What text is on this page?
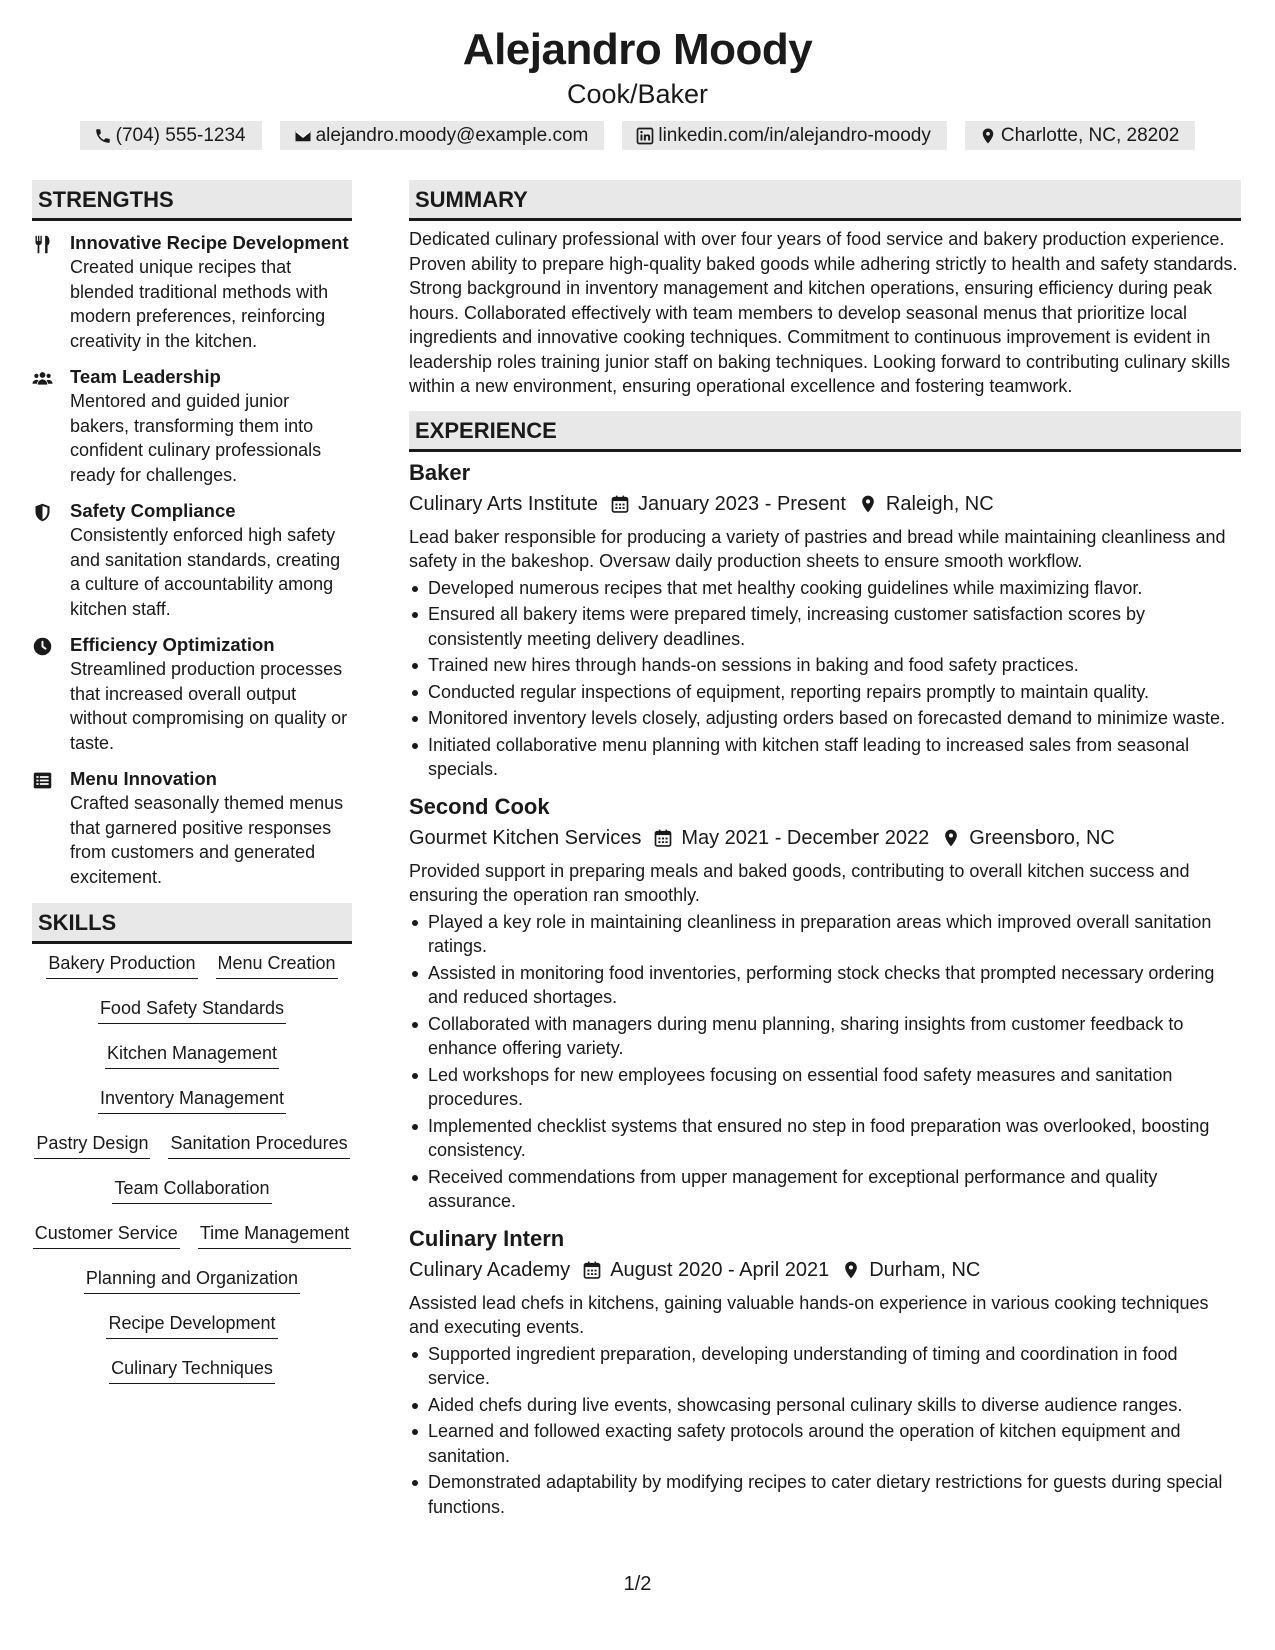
Alejandro Moody
Cook/Baker
(704) 555-1234	alejandro.moody@example.com	linkedin.com/in/alejandro-moody	Charlotte, NC, 28202
STRENGTHS
Innovative Recipe Development
Created unique recipes that blended traditional methods with modern preferences, reinforcing creativity in the kitchen.
Team Leadership
Mentored and guided junior bakers, transforming them into confident culinary professionals ready for challenges.
Safety Compliance
Consistently enforced high safety and sanitation standards, creating a culture of accountability among kitchen staff.
Efficiency Optimization
Streamlined production processes that increased overall output without compromising on quality or taste.
Menu Innovation
Crafted seasonally themed menus that garnered positive responses from customers and generated excitement.
SKILLS
Bakery Production Menu Creation
Food Safety Standards
Kitchen Management
Inventory Management
Pastry Design Sanitation Procedures
Team Collaboration
Customer Service Time Management
Planning and Organization
Recipe Development
Culinary Techniques
SUMMARY

Dedicated culinary professional with over four years of food service and bakery production experience. Proven ability to prepare high-quality baked goods while adhering strictly to health and safety standards. Strong background in inventory management and kitchen operations, ensuring efficiency during peak hours. Collaborated effectively with team members to develop seasonal menus that prioritize local ingredients and innovative cooking techniques. Commitment to continuous improvement is evident in leadership roles training junior staff on baking techniques. Looking forward to contributing culinary skills within a new environment, ensuring operational excellence and fostering teamwork.

EXPERIENCE
Baker
Culinary Arts Institute January 2023 - Present Raleigh, NC

Lead baker responsible for producing a variety of pastries and bread while maintaining cleanliness and safety in the bakeshop. Oversaw daily production sheets to ensure smooth workflow.

Developed numerous recipes that met healthy cooking guidelines while maximizing flavor.
Ensured all bakery items were prepared timely, increasing customer satisfaction scores by consistently meeting delivery deadlines.
Trained new hires through hands-on sessions in baking and food safety practices.
Conducted regular inspections of equipment, reporting repairs promptly to maintain quality.
Monitored inventory levels closely, adjusting orders based on forecasted demand to minimize waste.
Initiated collaborative menu planning with kitchen staff leading to increased sales from seasonal specials.
Second Cook
Gourmet Kitchen Services May 2021 - December 2022 Greensboro, NC

Provided support in preparing meals and baked goods, contributing to overall kitchen success and ensuring the operation ran smoothly.

Played a key role in maintaining cleanliness in preparation areas which improved overall sanitation ratings.
Assisted in monitoring food inventories, performing stock checks that prompted necessary ordering and reduced shortages.
Collaborated with managers during menu planning, sharing insights from customer feedback to enhance offering variety.
Led workshops for new employees focusing on essential food safety measures and sanitation procedures.
Implemented checklist systems that ensured no step in food preparation was overlooked, boosting consistency.
Received commendations from upper management for exceptional performance and quality assurance.
Culinary Intern
Culinary Academy August 2020 - April 2021 Durham, NC

Assisted lead chefs in kitchens, gaining valuable hands-on experience in various cooking techniques and executing events.

Supported ingredient preparation, developing understanding of timing and coordination in food service.
Aided chefs during live events, showcasing personal culinary skills to diverse audience ranges.
Learned and followed exacting safety protocols around the operation of kitchen equipment and sanitation.
Demonstrated adaptability by modifying recipes to cater dietary restrictions for guests during special functions.
1/2
